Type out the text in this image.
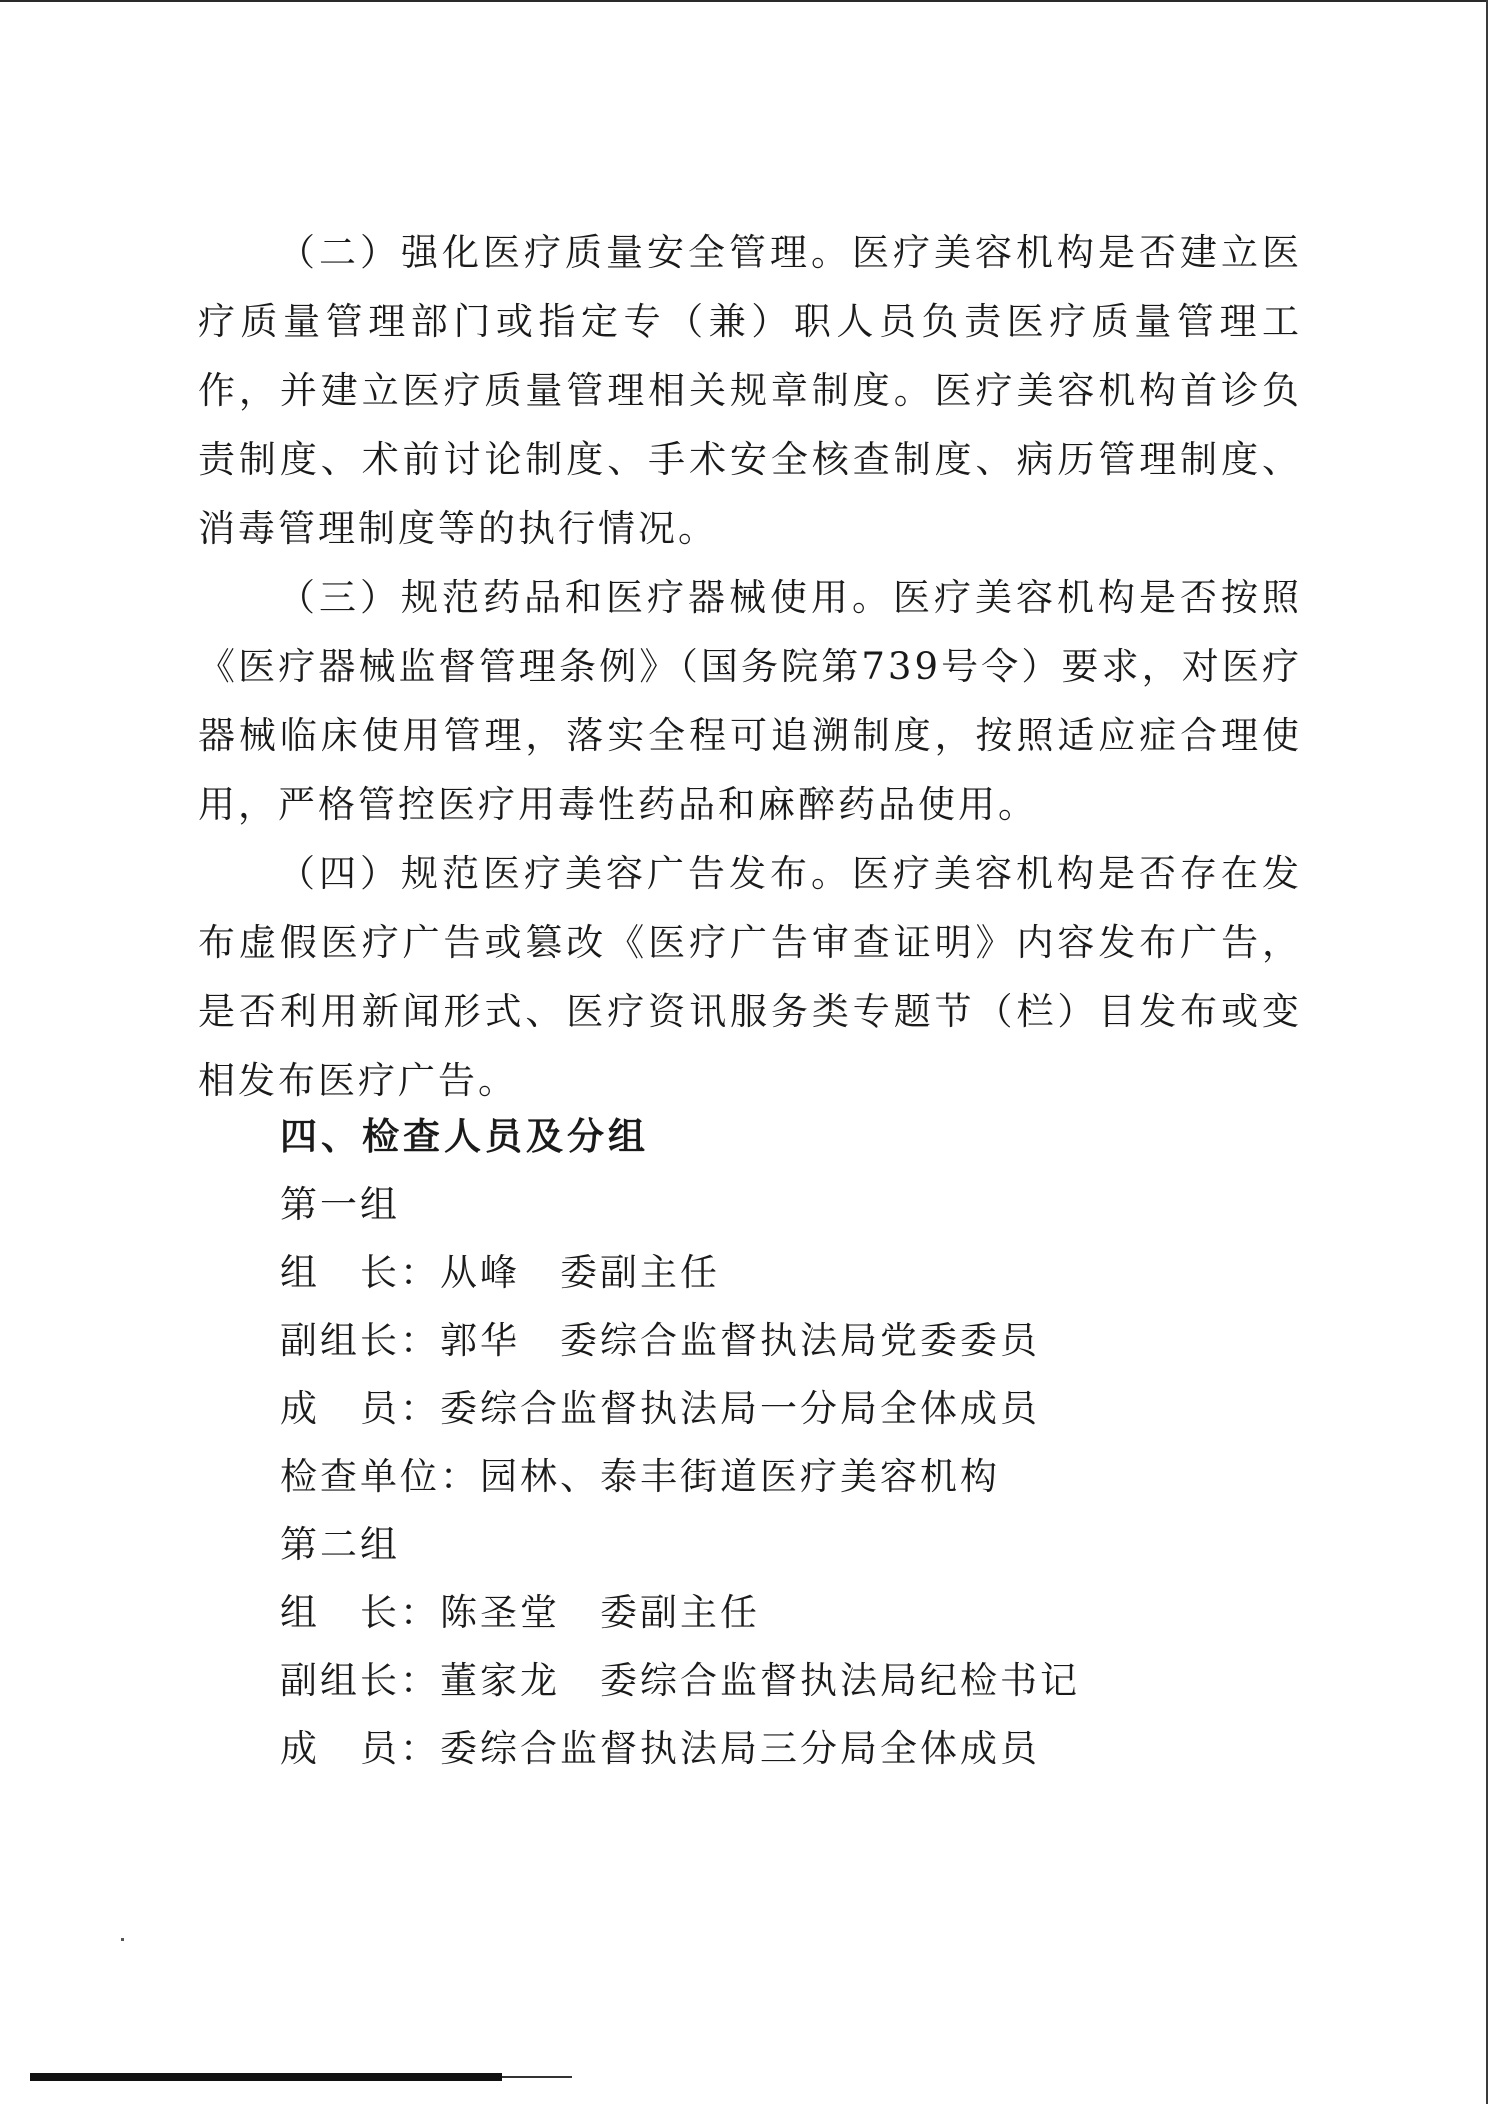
（二）强化医疗质量安全管理。医疗美容机构是否建立医疗质量管理部门或指定专（兼）职人员负责医疗质量管理工作，并建立医疗质量管理相关规章制度。医疗美容机构首诊负责制度、术前讨论制度、手术安全核查制度、病历管理制度、消毒管理制度等的执行情况。

（三）规范药品和医疗器械使用。医疗美容机构是否按照《医疗器械监督管理条例》（国务院第739号令）要求，对医疗器械临床使用管理，落实全程可追溯制度，按照适应症合理使用，严格管控医疗用毒性药品和麻醉药品使用。

（四）规范医疗美容广告发布。医疗美容机构是否存在发布虚假医疗广告或篡改《医疗广告审查证明》内容发布广告，是否利用新闻形式、医疗资讯服务类专题节（栏）目发布或变相发布医疗广告。

四、检查人员及分组

第一组

组　长：从峰　委副主任

副组长：郭华　委综合监督执法局党委委员

成　员：委综合监督执法局一分局全体成员

检查单位：园林、泰丰街道医疗美容机构

第二组

组　长：陈圣堂　委副主任

副组长：董家龙　委综合监督执法局纪检书记

成　员：委综合监督执法局三分局全体成员
